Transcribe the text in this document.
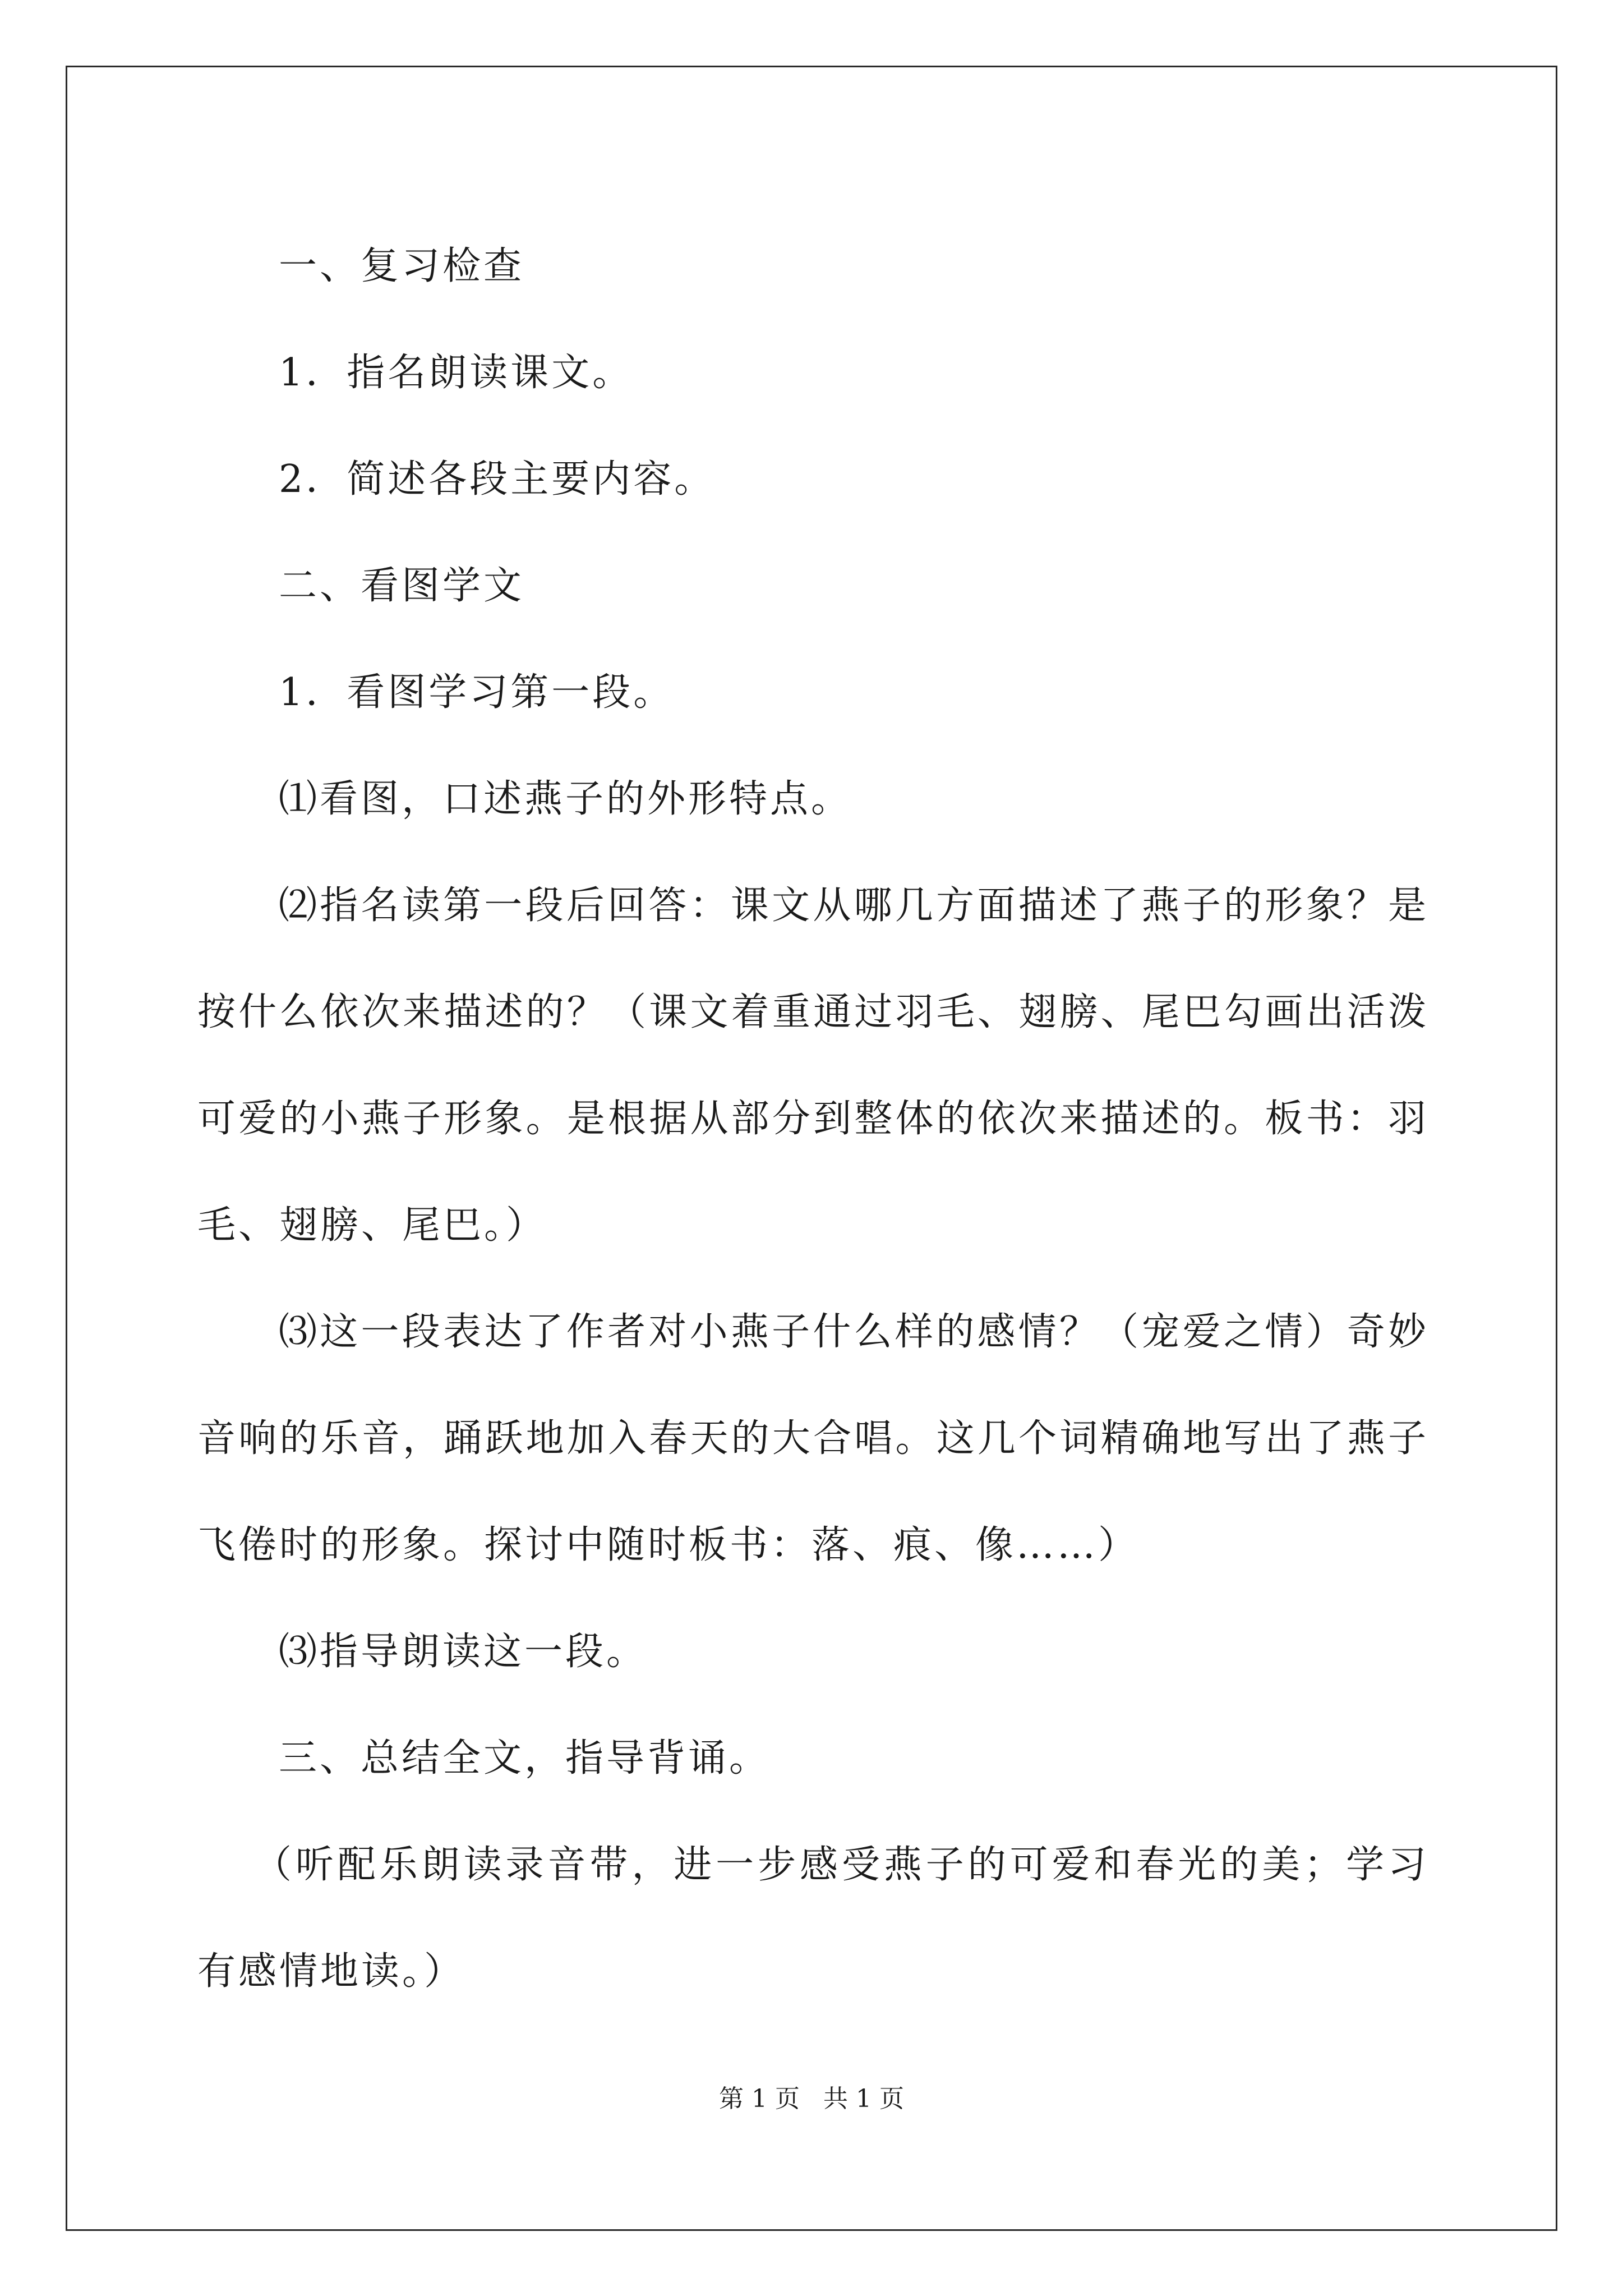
一、复习检查

1．指名朗读课文。

2．简述各段主要内容。

二、看图学文

1．看图学习第一段。

⑴看图，口述燕子的外形特点。

⑵指名读第一段后回答：课文从哪几方面描述了燕子的形象？是按什么依次来描述的？（课文着重通过羽毛、翅膀、尾巴勾画出活泼可爱的小燕子形象。是根据从部分到整体的依次来描述的。板书：羽毛、翅膀、尾巴。）

⑶这一段表达了作者对小燕子什么样的感情？（宠爱之情）奇妙音响的乐音，踊跃地加入春天的大合唱。这几个词精确地写出了燕子飞倦时的形象。探讨中随时板书：落、痕、像……）

⑶指导朗读这一段。

三、总结全文，指导背诵。

（听配乐朗读录音带，进一步感受燕子的可爱和春光的美；学习有感情地读。）

第 1 页   共 1 页
